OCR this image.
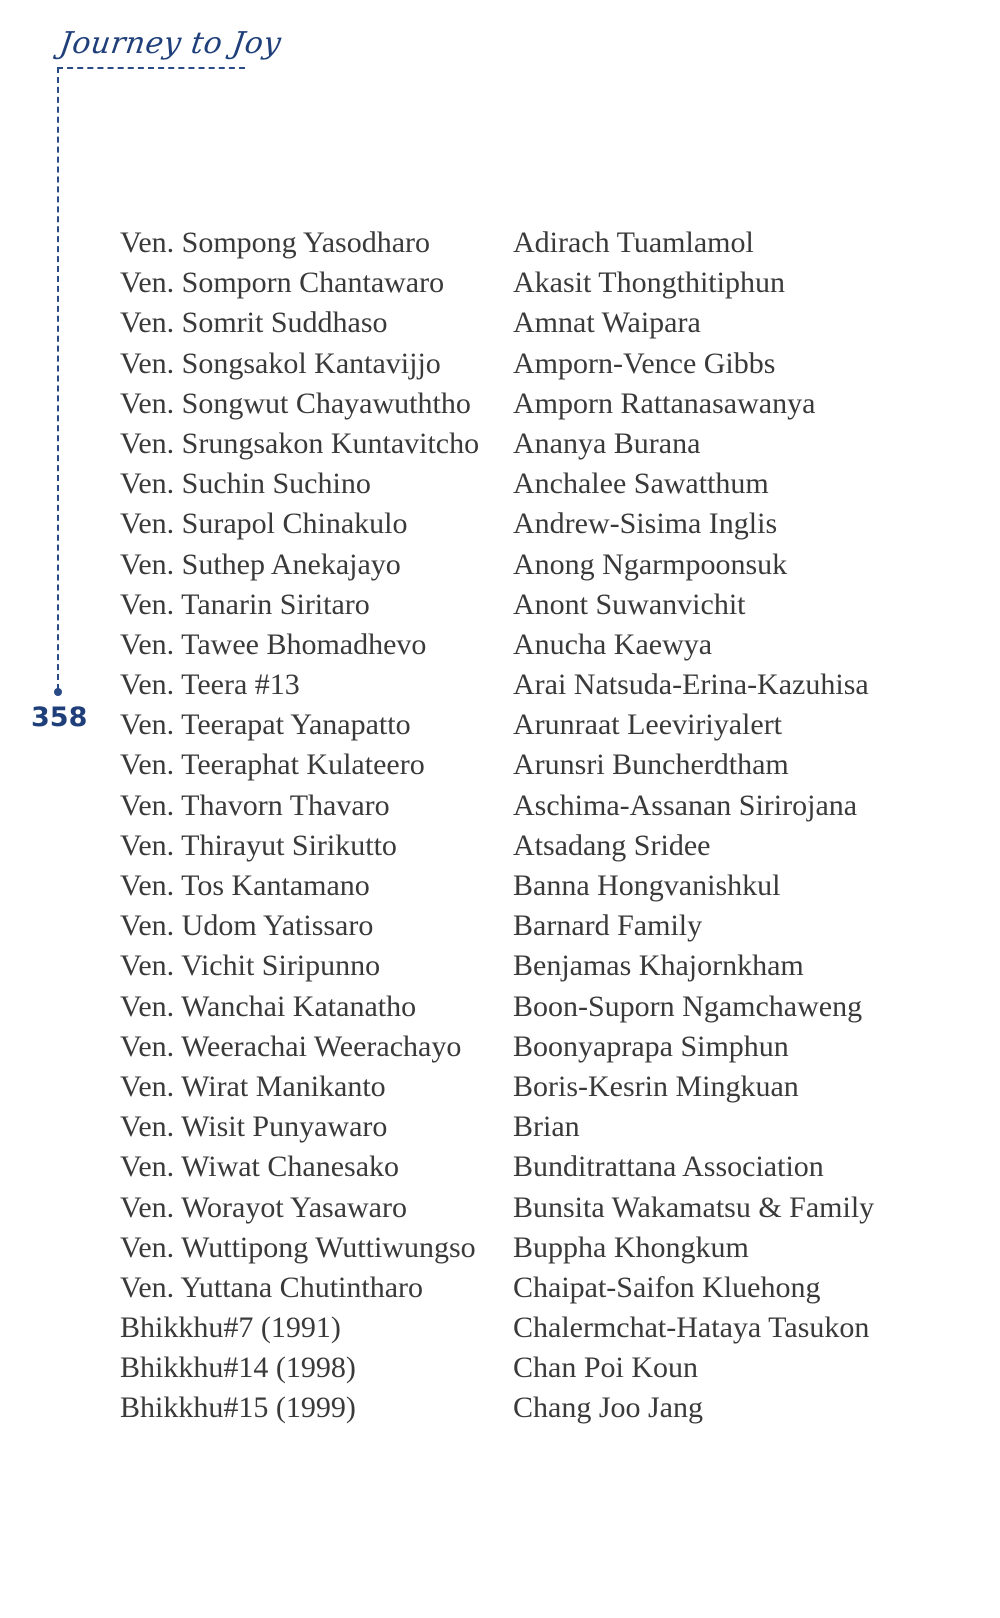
Journey to Joy
358
Ven. Sompong Yasodharo
Ven. Somporn Chantawaro
Ven. Somrit Suddhaso
Ven. Songsakol Kantavijjo
Ven. Songwut Chayawuththo
Ven. Srungsakon Kuntavitcho
Ven. Suchin Suchino
Ven. Surapol Chinakulo
Ven. Suthep Anekajayo
Ven. Tanarin Siritaro
Ven. Tawee Bhomadhevo
Ven. Teera #13
Ven. Teerapat Yanapatto
Ven. Teeraphat Kulateero
Ven. Thavorn Thavaro
Ven. Thirayut Sirikutto
Ven. Tos Kantamano
Ven. Udom Yatissaro
Ven. Vichit Siripunno
Ven. Wanchai Katanatho
Ven. Weerachai Weerachayo
Ven. Wirat Manikanto
Ven. Wisit Punyawaro
Ven. Wiwat Chanesako
Ven. Worayot Yasawaro
Ven. Wuttipong Wuttiwungso
Ven. Yuttana Chutintharo
Bhikkhu#7 (1991)
Bhikkhu#14 (1998)
Bhikkhu#15 (1999)
Adirach Tuamlamol
Akasit Thongthitiphun
Amnat Waipara
Amporn-Vence Gibbs
Amporn Rattanasawanya
Ananya Burana
Anchalee Sawatthum
Andrew-Sisima Inglis
Anong Ngarmpoonsuk
Anont Suwanvichit
Anucha Kaewya
Arai Natsuda-Erina-Kazuhisa
Arunraat Leeviriyalert
Arunsri Buncherdtham
Aschima-Assanan Sirirojana
Atsadang Sridee
Banna Hongvanishkul
Barnard Family
Benjamas Khajornkham
Boon-Suporn Ngamchaweng
Boonyaprapa Simphun
Boris-Kesrin Mingkuan
Brian
Bunditrattana Association
Bunsita Wakamatsu & Family
Buppha Khongkum
Chaipat-Saifon Kluehong
Chalermchat-Hataya Tasukon
Chan Poi Koun
Chang Joo Jang
